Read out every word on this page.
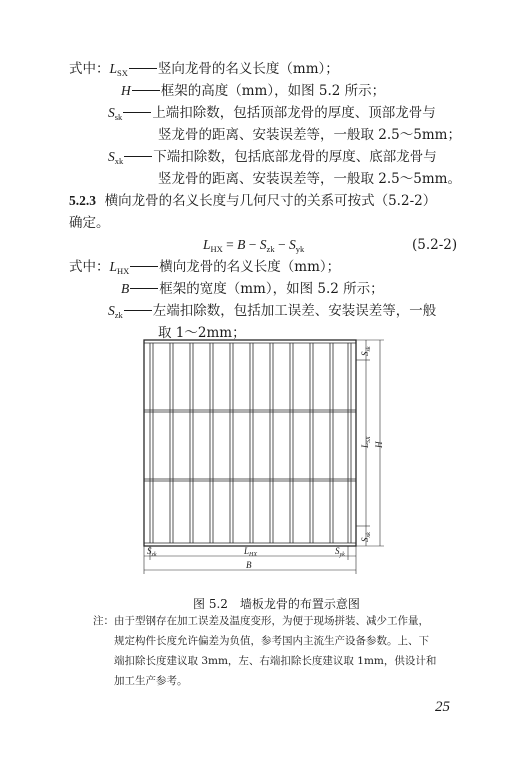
式中：$L_{SX}$ 竖向龙骨的名义长度（mm）；
H 框架的高度（mm），如图 5.2 所示；
$S_{sk}$ 上端扣除数，包括顶部龙骨的厚度、顶部龙骨与
竖龙骨的距离、安装误差等，一般取 2.5～5mm；
$S_{xk}$ 下端扣除数，包括底部龙骨的厚度、底部龙骨与
竖龙骨的距离、安装误差等，一般取 2.5～5mm。
5.2.3 横向龙骨的名义长度与几何尺寸的关系可按式（5.2-2）
确定。
$L_{HX} = B - S_{zk} - S_{yk}$	(5.2-2)
式中：$L_{HX}$ 横向龙骨的名义长度（mm）；
B 框架的宽度（mm），如图 5.2 所示；
$S_{zk}$ 左端扣除数，包括加工误差、安装误差等，一般
取 1～2mm；
$S_{zk}$	$L_{HX}$	$S_{yk}$
B
$S_{sk}$
$L_{SX}$
H
$S_{xk}$
图 5.2　墙板龙骨的布置示意图
注：由于型钢存在加工误差及温度变形，为便于现场拼装、减少工作量，
规定构件长度允许偏差为负值，参考国内主流生产设备参数。上、下
端扣除长度建议取 3mm，左、右端扣除长度建议取 1mm，供设计和
加工生产参考。
25
